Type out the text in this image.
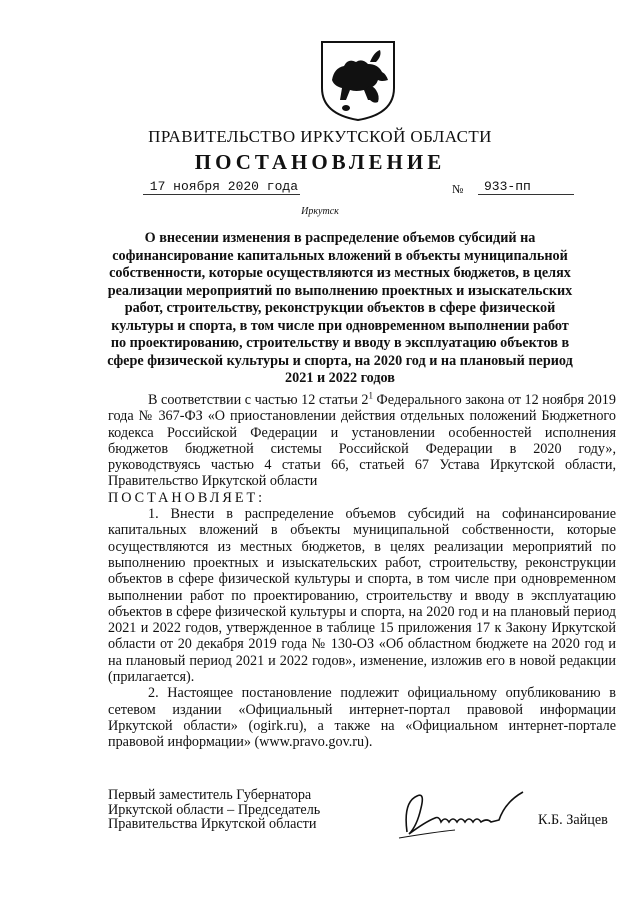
ПРАВИТЕЛЬСТВО ИРКУТСКОЙ ОБЛАСТИ
ПОСТАНОВЛЕНИЕ
17 ноября 2020 года	№	933-пп
Иркутск
О внесении изменения в распределение объемов субсидий на софинансирование капитальных вложений в объекты муниципальной собственности, которые осуществляются из местных бюджетов, в целях реализации мероприятий по выполнению проектных и изыскательских работ, строительству, реконструкции объектов в сфере физической культуры и спорта, в том числе при одновременном выполнении работ по проектированию, строительству и вводу в эксплуатацию объектов в сфере физической культуры и спорта, на 2020 год и на плановый период 2021 и 2022 годов

В соответствии с частью 12 статьи $2^1$ Федерального закона от 12 ноября 2019 года № 367-ФЗ «О приостановлении действия отдельных положений Бюджетного кодекса Российской Федерации и установлении особенностей исполнения бюджетов бюджетной системы Российской Федерации в 2020 году», руководствуясь частью 4 статьи 66, статьей 67 Устава Иркутской области, Правительство Иркутской области

ПОСТАНОВЛЯЕТ:

1. Внести в распределение объемов субсидий на софинансирование капитальных вложений в объекты муниципальной собственности, которые осуществляются из местных бюджетов, в целях реализации мероприятий по выполнению проектных и изыскательских работ, строительству, реконструкции объектов в сфере физической культуры и спорта, в том числе при одновременном выполнении работ по проектированию, строительству и вводу в эксплуатацию объектов в сфере физической культуры и спорта, на 2020 год и на плановый период 2021 и 2022 годов, утвержденное в таблице 15 приложения 17 к Закону Иркутской области от 20 декабря 2019 года № 130-ОЗ «Об областном бюджете на 2020 год и на плановый период 2021 и 2022 годов», изменение, изложив его в новой редакции (прилагается).

2. Настоящее постановление подлежит официальному опубликованию в сетевом издании «Официальный интернет-портал правовой информации Иркутской области» (ogirk.ru), а также на «Официальном интернет-портале правовой информации» (www.pravo.gov.ru).

Первый заместитель Губернатора
Иркутской области – Председатель
Правительства Иркутской области	К.Б. Зайцев
